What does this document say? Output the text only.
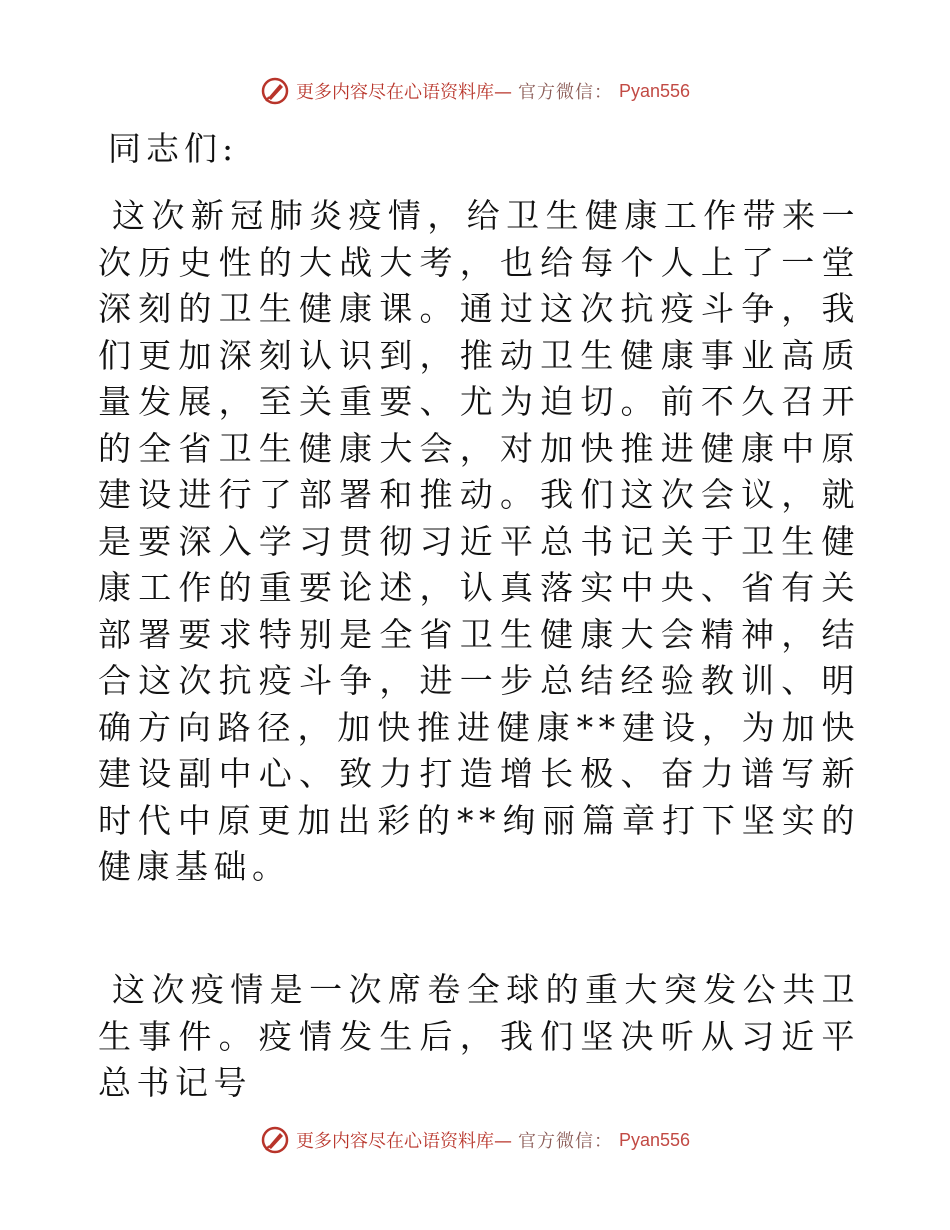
更多内容尽在心语资料库— 官方微信： Pyan556

同志们:

这次新冠肺炎疫情，给卫生健康工作带来一次历史性的大战大考，也给每个人上了一堂深刻的卫生健康课。通过这次抗疫斗争，我们更加深刻认识到，推动卫生健康事业高质量发展，至关重要、尤为迫切。前不久召开的全省卫生健康大会，对加快推进健康中原建设进行了部署和推动。我们这次会议，就是要深入学习贯彻习近平总书记关于卫生健康工作的重要论述，认真落实中央、省有关部署要求特别是全省卫生健康大会精神，结合这次抗疫斗争，进一步总结经验教训、明确方向路径，加快推进健康**建设，为加快建设副中心、致力打造增长极、奋力谱写新时代中原更加出彩的**绚丽篇章打下坚实的健康基础。

这次疫情是一次席卷全球的重大突发公共卫生事件。疫情发生后，我们坚决听从习近平总书记号

更多内容尽在心语资料库— 官方微信： Pyan556
